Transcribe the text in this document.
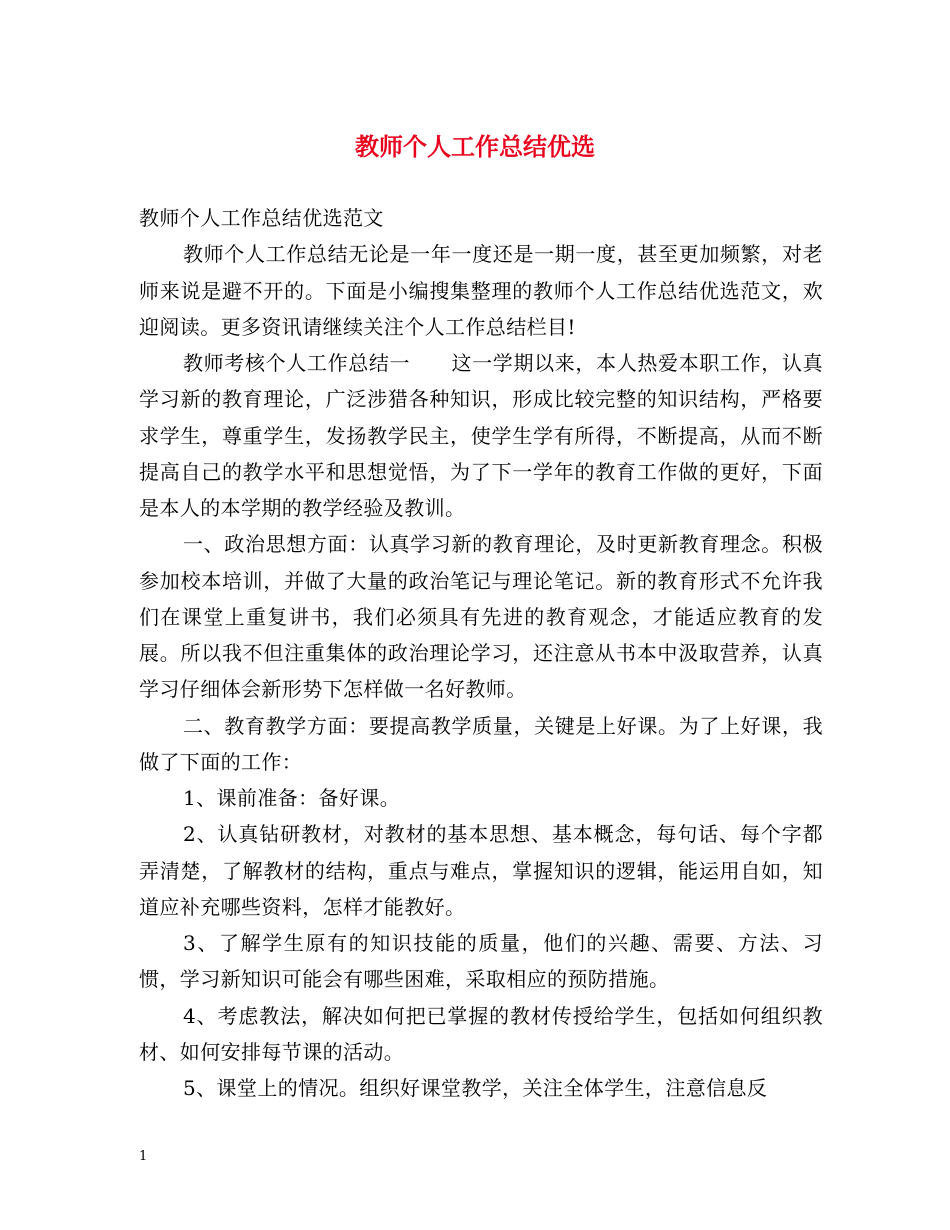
教师个人工作总结优选

教师个人工作总结优选范文

教师个人工作总结无论是一年一度还是一期一度，甚至更加频繁，对老师来说是避不开的。下面是小编搜集整理的教师个人工作总结优选范文，欢迎阅读。更多资讯请继续关注个人工作总结栏目!

教师考核个人工作总结一　　这一学期以来，本人热爱本职工作，认真学习新的教育理论，广泛涉猎各种知识，形成比较完整的知识结构，严格要求学生，尊重学生，发扬教学民主，使学生学有所得，不断提高，从而不断提高自己的教学水平和思想觉悟，为了下一学年的教育工作做的更好，下面是本人的本学期的教学经验及教训。

一、政治思想方面：认真学习新的教育理论，及时更新教育理念。积极参加校本培训，并做了大量的政治笔记与理论笔记。新的教育形式不允许我们在课堂上重复讲书，我们必须具有先进的教育观念，才能适应教育的发展。所以我不但注重集体的政治理论学习，还注意从书本中汲取营养，认真学习仔细体会新形势下怎样做一名好教师。

二、教育教学方面：要提高教学质量，关键是上好课。为了上好课，我做了下面的工作：

1、课前准备：备好课。

2、认真钻研教材，对教材的基本思想、基本概念，每句话、每个字都弄清楚，了解教材的结构，重点与难点，掌握知识的逻辑，能运用自如，知道应补充哪些资料，怎样才能教好。

3、了解学生原有的知识技能的质量，他们的兴趣、需要、方法、习惯，学习新知识可能会有哪些困难，采取相应的预防措施。

4、考虑教法，解决如何把已掌握的教材传授给学生，包括如何组织教材、如何安排每节课的活动。

5、课堂上的情况。组织好课堂教学，关注全体学生，注意信息反

1
